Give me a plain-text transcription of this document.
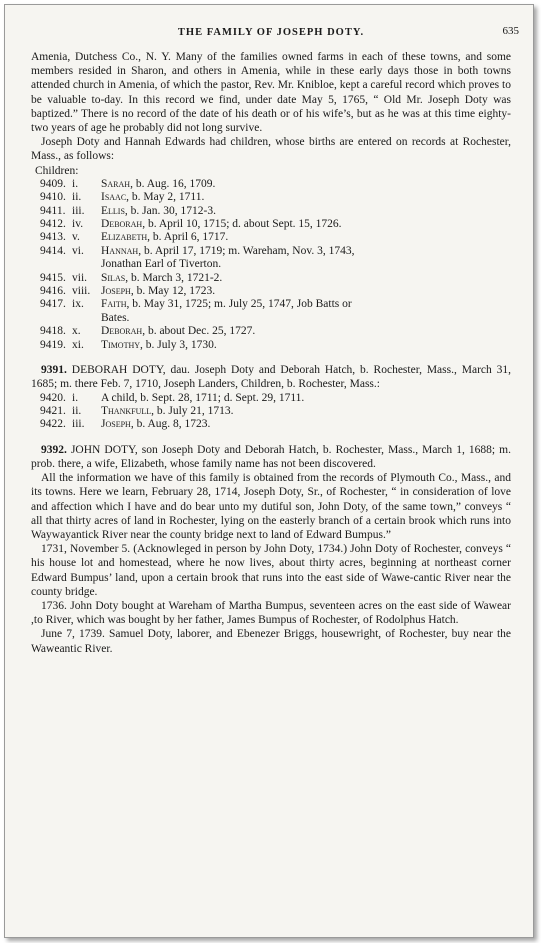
THE FAMILY OF JOSEPH DOTY.	635

Amenia, Dutchess Co., N. Y. Many of the families owned farms in each of these towns, and some members resided in Sharon, and others in Amenia, while in these early days those in both towns attended church in Amenia, of which the pastor, Rev. Mr. Knibloe, kept a careful record which proves to be valuable to-day. In this record we find, under date May 5, 1765, “ Old Mr. Joseph Doty was baptized.” There is no record of the date of his death or of his wife’s, but as he was at this time eighty-two years of age he probably did not long survive.

Joseph Doty and Hannah Edwards had children, whose births are entered on records at Rochester, Mass., as follows:

Children:
9409. i.	Sarah, b. Aug. 16, 1709.
9410. ii.	Isaac, b. May 2, 1711.
9411. iii.	Ellis, b. Jan. 30, 1712-3.
9412. iv.	Deborah, b. April 10, 1715; d. about Sept. 15, 1726.
9413. v.	Elizabeth, b. April 6, 1717.
9414. vi.	Hannah, b. April 17, 1719; m. Wareham, Nov. 3, 1743,
Jonathan Earl of Tiverton.
9415. vii.	Silas, b. March 3, 1721-2.
9416. viii. Joseph, b. May 12, 1723.
9417. ix.	Faith, b. May 31, 1725; m. July 25, 1747, Job Batts or
Bates.
9418. x.	Deborah, b. about Dec. 25, 1727.
9419. xi.	Timothy, b. July 3, 1730.

9391. DEBORAH DOTY, dau. Joseph Doty and Deborah Hatch, b. Rochester, Mass., March 31, 1685; m. there Feb. 7, 1710, Joseph Landers, Children, b. Rochester, Mass.:

9420. i.	A child, b. Sept. 28, 1711; d. Sept. 29, 1711.
9421. ii.	Thankfull, b. July 21, 1713.
9422. iii.	Joseph, b. Aug. 8, 1723.

9392. JOHN DOTY, son Joseph Doty and Deborah Hatch, b. Rochester, Mass., March 1, 1688; m. prob. there, a wife, Elizabeth, whose family name has not been discovered.

All the information we have of this family is obtained from the records of Plymouth Co., Mass., and its towns. Here we learn, February 28, 1714, Joseph Doty, Sr., of Rochester, “ in consideration of love and affection which I have and do bear unto my dutiful son, John Doty, of the same town,” conveys “ all that thirty acres of land in Rochester, lying on the easterly branch of a certain brook which runs into Waywayantick River near the county bridge next to land of Edward Bumpus.”

1731, November 5. (Acknowleged in person by John Doty, 1734.) John Doty of Rochester, conveys “ his house lot and homestead, where he now lives, about thirty acres, beginning at northeast corner Edward Bumpus’ land, upon a certain brook that runs into the east side of Wawe-cantic River near the county bridge.

1736. John Doty bought at Wareham of Martha Bumpus, seventeen acres on the east side of Wawear ,to River, which was bought by her father, James Bumpus of Rochester, of Rodolphus Hatch.

June 7, 1739. Samuel Doty, laborer, and Ebenezer Briggs, housewright, of Rochester, buy near the Waweantic River.
